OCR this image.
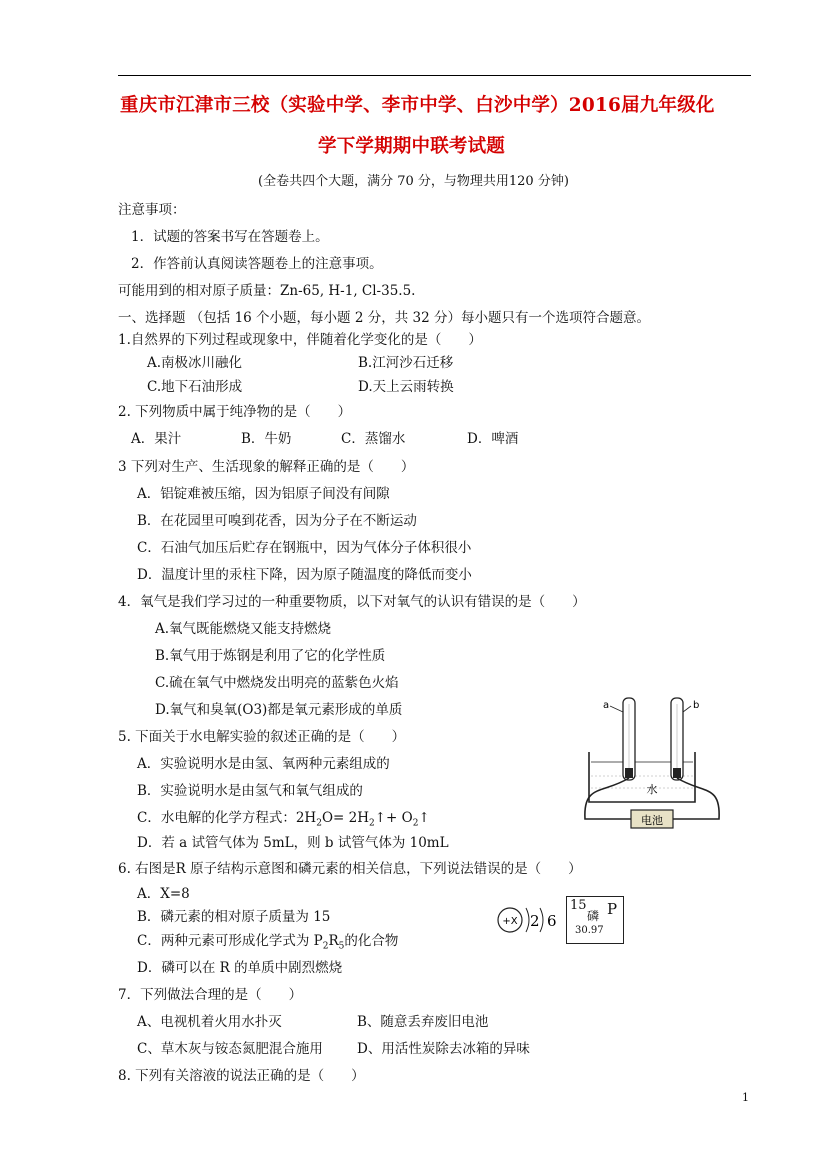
重庆市江津市三校（实验中学、李市中学、白沙中学）2016届九年级化
学下学期期中联考试题
(全卷共四个大题，满分 70 分，与物理共用120 分钟)
注意事项：
1．试题的答案书写在答题卷上。
2．作答前认真阅读答题卷上的注意事项。
可能用到的相对原子质量：Zn-65, H-1, Cl-35.5.
一、选择题 （包括 16 个小题，每小题 2 分，共 32 分）每小题只有一个选项符合题意。
1.自然界的下列过程或现象中，伴随着化学变化的是（　　）
A.南极冰川融化	B.江河沙石迁移
C.地下石油形成	D.天上云雨转换
2. 下列物质中属于纯净物的是（　　）
A．果汁	B．牛奶	C．蒸馏水	D．啤酒
3 下列对生产、生活现象的解释正确的是（　　）
A．铝锭难被压缩，因为铝原子间没有间隙
B．在花园里可嗅到花香，因为分子在不断运动
C．石油气加压后贮存在钢瓶中，因为气体分子体积很小
D．温度计里的汞柱下降，因为原子随温度的降低而变小
4．氧气是我们学习过的一种重要物质，以下对氧气的认识有错误的是（　　）
A.氧气既能燃烧又能支持燃烧
B.氧气用于炼钢是利用了它的化学性质
C.硫在氧气中燃烧发出明亮的蓝紫色火焰
D.氧气和臭氧(O3)都是氧元素形成的单质
5. 下面关于水电解实验的叙述正确的是（　　）
A．实验说明水是由氢、氧两种元素组成的
B．实验说明水是由氢气和氧气组成的
C．水电解的化学方程式：$2H_2O=$ $2H_2↑+$ $O_2↑$
D．若 a 试管气体为 5mL，则 b 试管气体为 10mL
电池
水
a	b
6. 右图是R 原子结构示意图和磷元素的相关信息，下列说法错误的是（　　）
A．X=8
B．磷元素的相对原子质量为 15
C．两种元素可形成化学式为 $P_2R_5$的化合物
D．磷可以在 R 的单质中剧烈燃烧
+X 2 6
15
磷 P
30.97
7．下列做法合理的是（　　）
A、电视机着火用水扑灭	B、随意丢弃废旧电池
C、草木灰与铵态氮肥混合施用	D、用活性炭除去冰箱的异味
8. 下列有关溶液的说法正确的是（　　）
1
